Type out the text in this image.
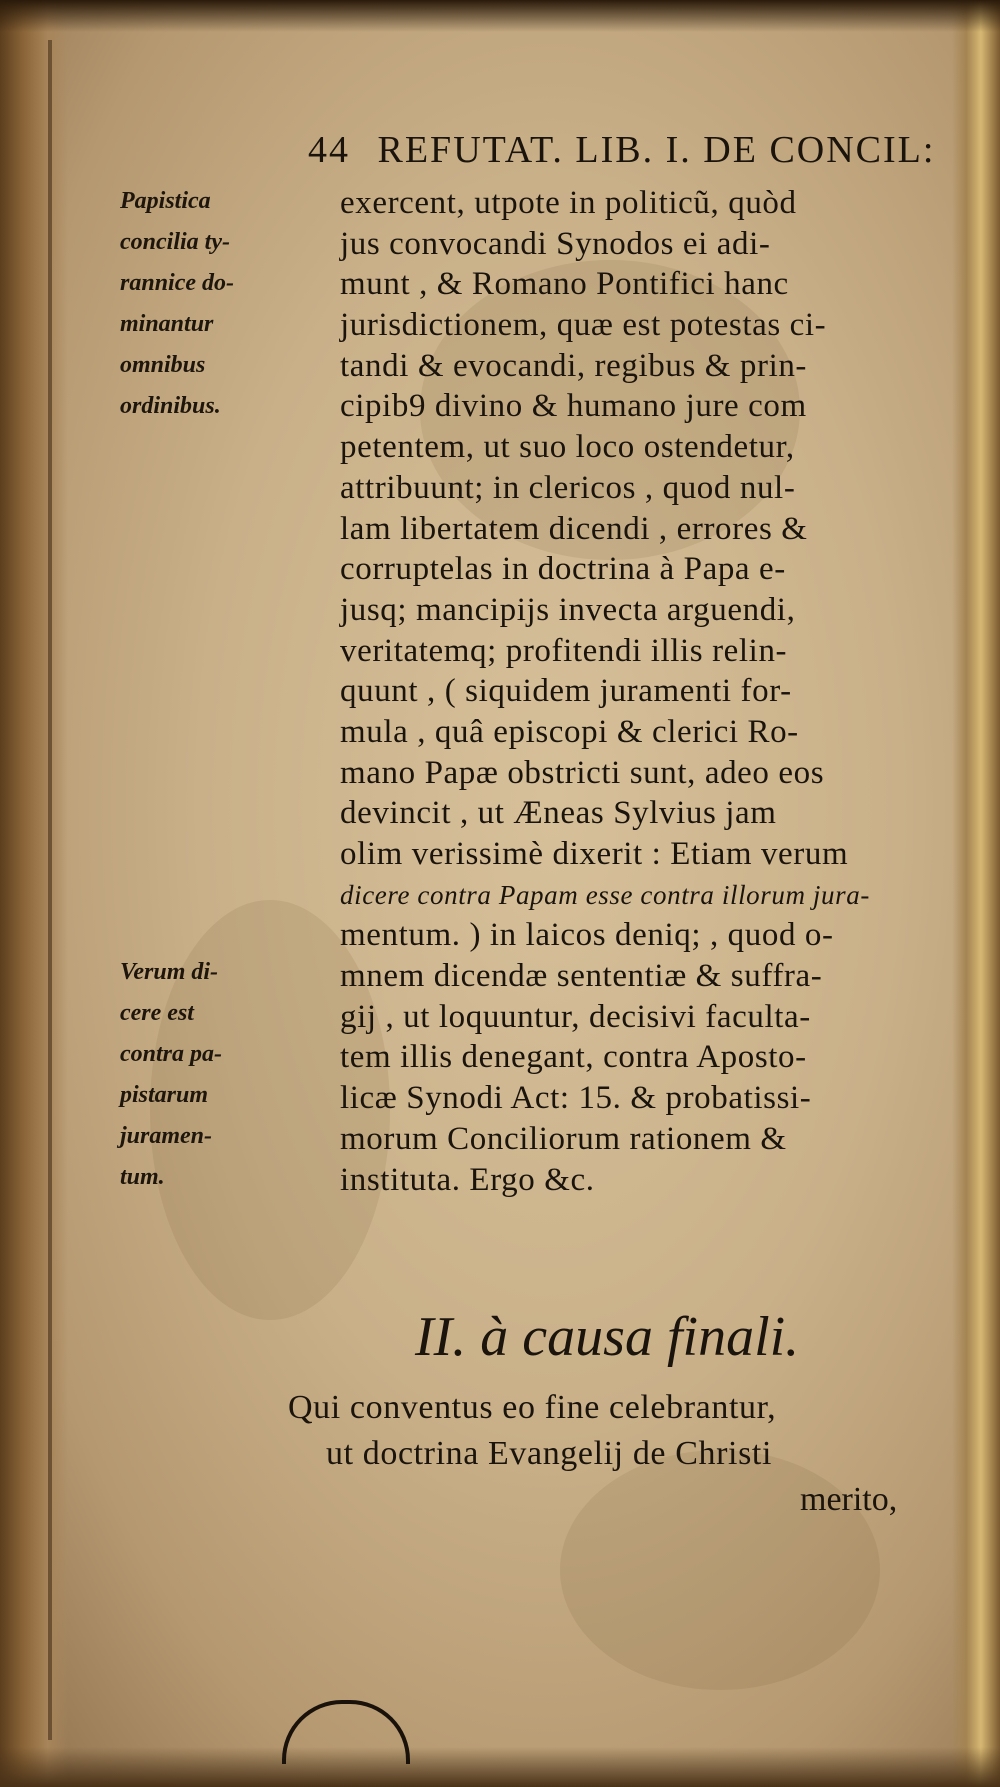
44 REFUTAT. LIB. I. DE CONCIL:
Papistica
concilia ty-
rannice do-
minantur
omnibus
ordinibus.
Verum di-
cere est
contra pa-
pistarum
juramen-
tum.
exercent, utpote in politicũ, quòd
jus convocandi Synodos ei adi-
munt , & Romano Pontifici hanc
jurisdictionem, quæ est potestas ci-
tandi & evocandi, regibus & prin-
cipib9 divino & humano jure com
petentem, ut suo loco ostendetur,
attribuunt; in clericos , quod nul-
lam libertatem dicendi , errores &
corruptelas in doctrina à Papa e-
jusq; mancipijs invecta arguendi,
veritatemq; profitendi illis relin-
quunt , ( siquidem juramenti for-
mula , quâ episcopi & clerici Ro-
mano Papæ obstricti sunt, adeo eos
devincit , ut Æneas Sylvius jam
olim verissimè dixerit : Etiam verum
dicere contra Papam esse contra illorum jura-
mentum. ) in laicos deniq; , quod o-
mnem dicendæ sententiæ & suffra-
gij , ut loquuntur, decisivi faculta-
tem illis denegant, contra Aposto-
licæ Synodi Act: 15. & probatissi-
morum Conciliorum rationem &
instituta. Ergo &c.
II. à causa finali.
Qui conventus eo fine celebrantur,
ut doctrina Evangelij de Christi
merito,
